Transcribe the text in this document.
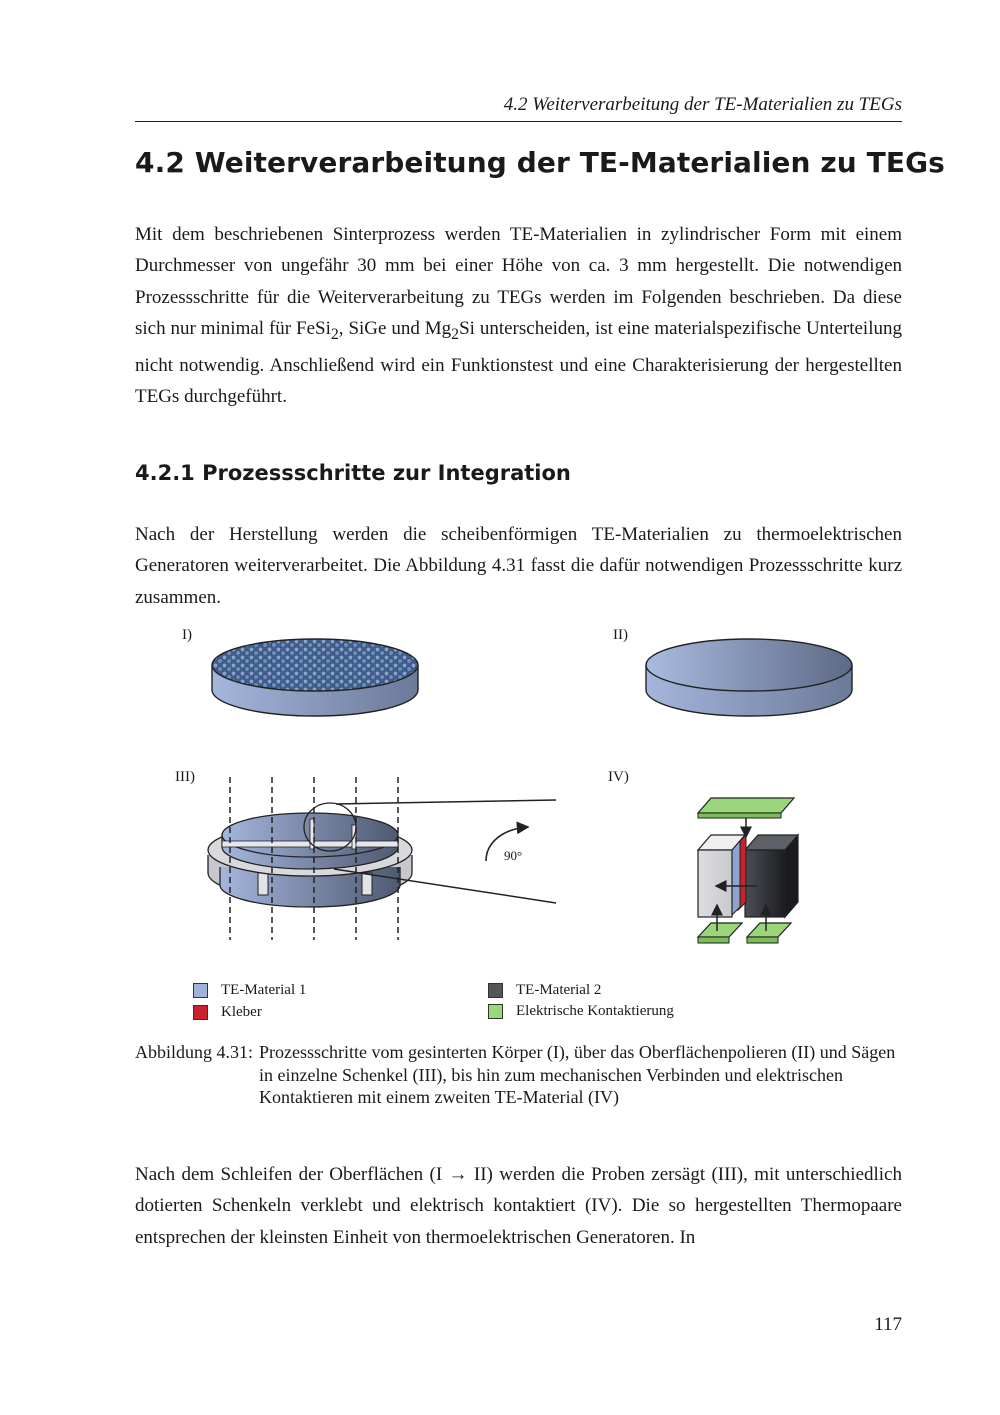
4.2 Weiterverarbeitung der TE-Materialien zu TEGs
4.2 Weiterverarbeitung der TE-Materialien zu TEGs

Mit dem beschriebenen Sinterprozess werden TE-Materialien in zylindrischer Form mit einem Durchmesser von ungefähr 30 mm bei einer Höhe von ca. 3 mm hergestellt. Die notwendigen Prozessschritte für die Weiterverarbeitung zu TEGs werden im Folgenden beschrieben. Da diese sich nur minimal für FeSi$_2$, SiGe und $Mg_2Si$ unterscheiden, ist eine materialspezifische Unterteilung nicht notwendig. Anschließend wird ein Funktionstest und eine Charakterisierung der hergestellten TEGs durchgeführt.

4.2.1 Prozessschritte zur Integration

Nach der Herstellung werden die scheibenförmigen TE-Materialien zu thermoelektrischen Generatoren weiterverarbeitet. Die Abbildung 4.31 fasst die dafür notwendigen Prozessschritte kurz zusammen.

I)	II)
III)
90°
IV)
TE-Material 1
Kleber
TE-Material 2
Elektrische Kontaktierung
Abbildung 4.31: Prozessschritte vom gesinterten Körper (I), über das Oberflächenpolieren (II) und Sägen in einzelne Schenkel (III), bis hin zum mechanischen Verbinden und elektrischen Kontaktieren mit einem zweiten TE-Material (IV)

Nach dem Schleifen der Oberflächen (I → II) werden die Proben zersägt (III), mit unterschiedlich dotierten Schenkeln verklebt und elektrisch kontaktiert (IV). Die so hergestellten Thermopaare entsprechen der kleinsten Einheit von thermoelektrischen Generatoren. In

117
